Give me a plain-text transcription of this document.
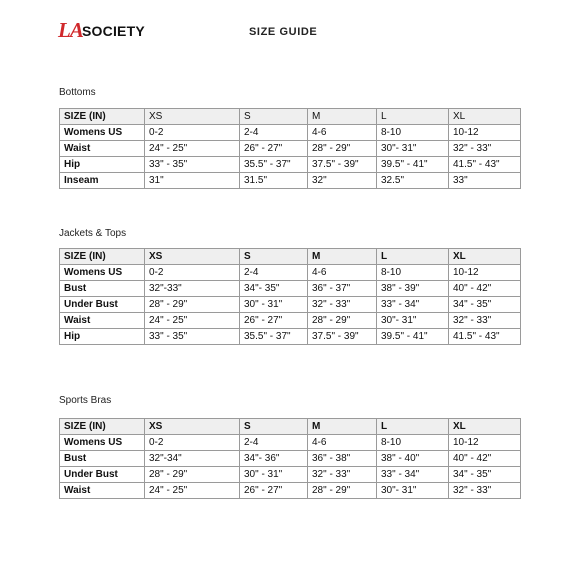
LA SOCIETY	SIZE GUIDE
Bottoms
SIZE (IN)	XS	S	M	L	XL
Womens US	0-2	2-4	4-6	8-10	10-12
Waist	24" - 25"	26" - 27"	28" - 29"	30"- 31"	32" - 33"
Hip	33" - 35"	35.5" - 37"	37.5" - 39"	39.5" - 41"	41.5" - 43"
Inseam	31"	31.5"	32"	32.5"	33"
Jackets & Tops
SIZE (IN)	XS	S	M	L	XL
Womens US	0-2	2-4	4-6	8-10	10-12
Bust	32"-33"	34"- 35"	36" - 37"	38" - 39"	40" - 42"
Under Bust	28" - 29"	30" - 31"	32" - 33"	33" - 34"	34" - 35"
Waist	24" - 25"	26" - 27"	28" - 29"	30"- 31"	32" - 33"
Hip	33" - 35"	35.5" - 37"	37.5" - 39"	39.5" - 41"	41.5" - 43"
Sports Bras
SIZE (IN)	XS	S	M	L	XL
Womens US	0-2	2-4	4-6	8-10	10-12
Bust	32"-34"	34"- 36"	36" - 38"	38" - 40"	40" - 42"
Under Bust	28" - 29"	30" - 31"	32" - 33"	33" - 34"	34" - 35"
Waist	24" - 25"	26" - 27"	28" - 29"	30"- 31"	32" - 33"
